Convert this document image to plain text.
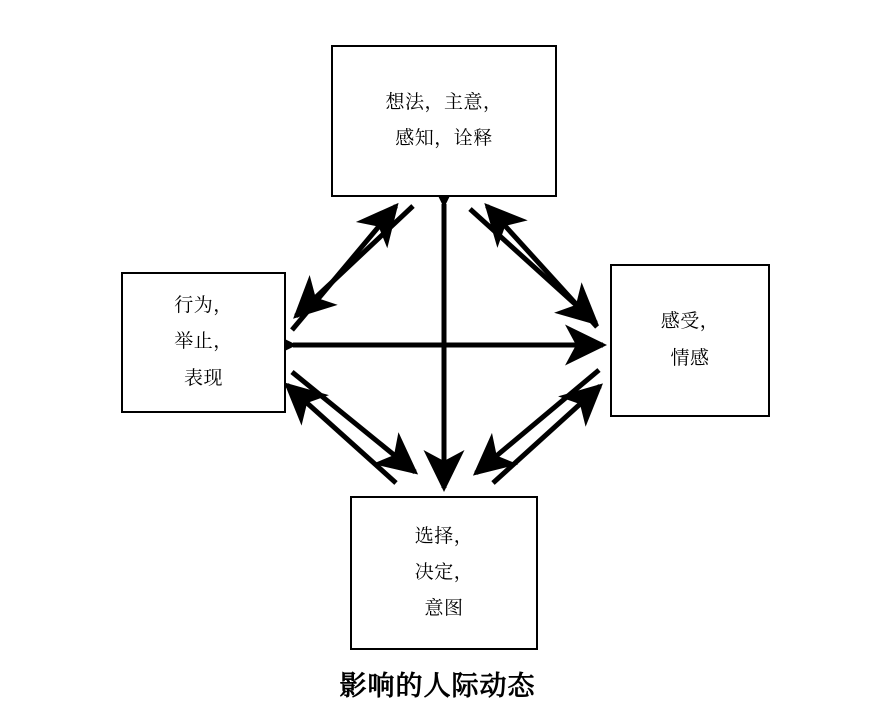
想法，主意，
感知，诠释
行为，
举止，
表现
感受，
情感
选择，
决定，
意图
影响的人际动态
